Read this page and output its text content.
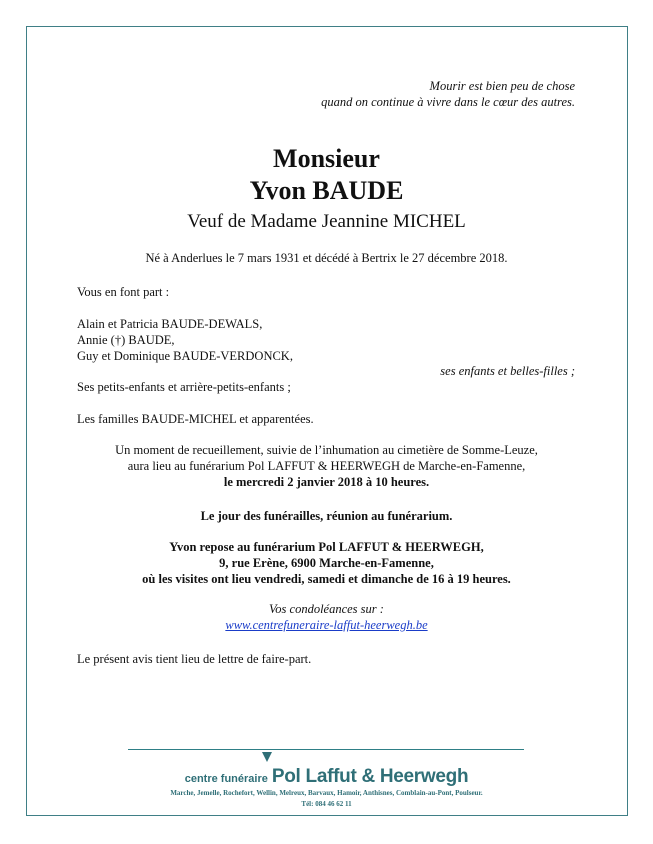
Mourir est bien peu de chose
quand on continue à vivre dans le cœur des autres.
Monsieur
Yvon BAUDE
Veuf de Madame Jeannine MICHEL
Né à Anderlues le 7 mars 1931 et décédé à Bertrix le 27 décembre 2018.
Vous en font part :
Alain et Patricia BAUDE-DEWALS,
Annie (†) BAUDE,
Guy et Dominique BAUDE-VERDONCK,
ses enfants et belles-filles ;
Ses petits-enfants et arrière-petits-enfants ;
Les familles BAUDE-MICHEL et apparentées.
Un moment de recueillement, suivie de l’inhumation au cimetière de Somme-Leuze,
aura lieu au funérarium Pol LAFFUT & HEERWEGH de Marche-en-Famenne,
le mercredi 2 janvier 2018 à 10 heures.
Le jour des funérailles, réunion au funérarium.
Yvon repose au funérarium Pol LAFFUT & HEERWEGH,
9, rue Erène, 6900 Marche-en-Famenne,
où les visites ont lieu vendredi, samedi et dimanche de 16 à 19 heures.
Vos condoléances sur :
www.centrefuneraire-laffut-heerwegh.be
Le présent avis tient lieu de lettre de faire-part.
centre funéraire Pol Laffut & Heerwegh
Marche, Jemelle, Rochefort, Wellin, Melreux, Barvaux, Hamoir, Anthisnes, Comblain-au-Pont, Poulseur.
Tél: 084 46 62 11
